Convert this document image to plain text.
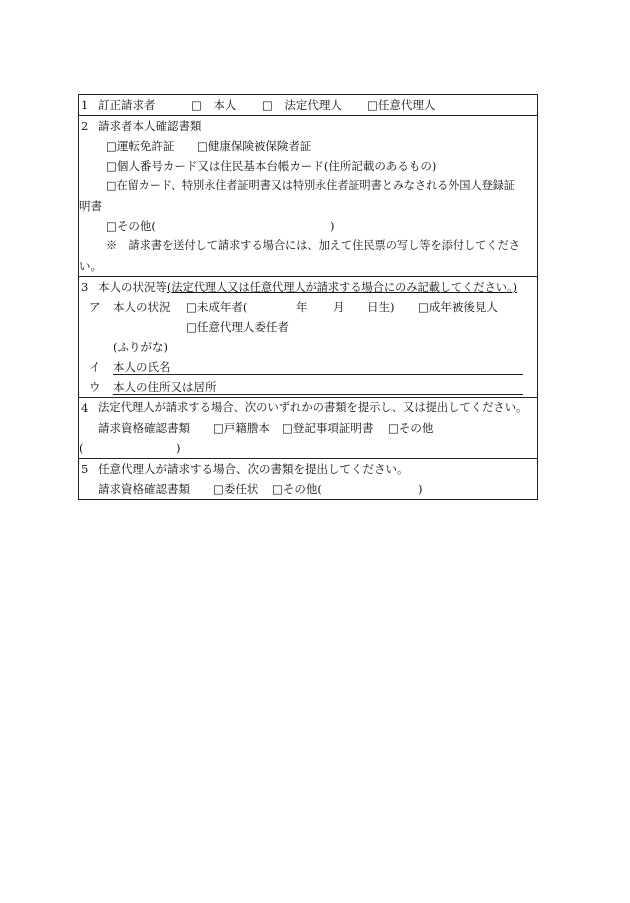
1 訂正請求者	□　本人 □　法定代理人 □任意代理人
2 請求者本人確認書類
□運転免許証 □健康保険被保険者証
□個人番号カード又は住民基本台帳カード(住所記載のあるもの)
□在留カード、特別永住者証明書又は特別永住者証明書とみなされる外国人登録証
明書
□その他(	)
※　請求書を送付して請求する場合には、加えて住民票の写し等を添付してくださ
い。
3 本人の状況等(法定代理人又は任意代理人が請求する場合にのみ記載してください。)
ア 本人の状況 □未成年者(	年 月 日生) □成年被後見人
□任意代理人委任者
(ふりがな)
イ 本人の氏名
ウ 本人の住所又は居所
4 法定代理人が請求する場合、次のいずれかの書類を提示し、又は提出してください。
請求資格確認書類 □戸籍謄本 □登記事項証明書 □その他
(	)
5 任意代理人が請求する場合、次の書類を提出してください。
請求資格確認書類 □委任状 □その他(	)
